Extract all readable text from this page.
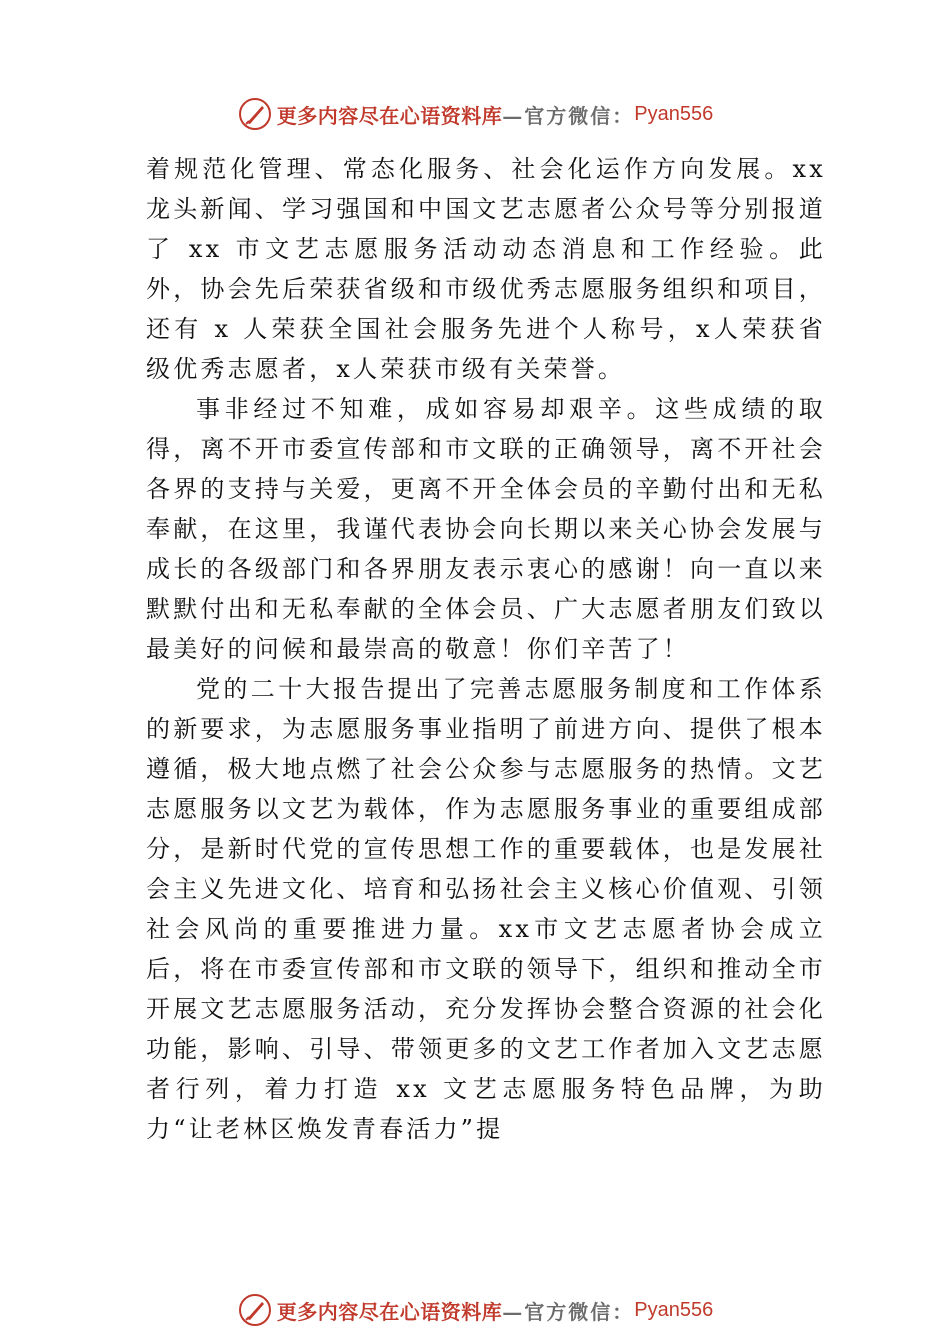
更多内容尽在心语资料库 —官方微信： Pyan556

着规范化管理、常态化服务、社会化运作方向发展。xx龙头新闻、学习强国和中国文艺志愿者公众号等分别报道了 xx 市文艺志愿服务活动动态消息和工作经验。此外，协会先后荣获省级和市级优秀志愿服务组织和项目，还有 x 人荣获全国社会服务先进个人称号，x人荣获省级优秀志愿者，x人荣获市级有关荣誉。

事非经过不知难，成如容易却艰辛。这些成绩的取得，离不开市委宣传部和市文联的正确领导，离不开社会各界的支持与关爱，更离不开全体会员的辛勤付出和无私奉献，在这里，我谨代表协会向长期以来关心协会发展与成长的各级部门和各界朋友表示衷心的感谢！向一直以来默默付出和无私奉献的全体会员、广大志愿者朋友们致以最美好的问候和最崇高的敬意！你们辛苦了！

党的二十大报告提出了完善志愿服务制度和工作体系的新要求，为志愿服务事业指明了前进方向、提供了根本遵循，极大地点燃了社会公众参与志愿服务的热情。文艺志愿服务以文艺为载体，作为志愿服务事业的重要组成部分，是新时代党的宣传思想工作的重要载体，也是发展社会主义先进文化、培育和弘扬社会主义核心价值观、引领社会风尚的重要推进力量。xx市文艺志愿者协会成立后，将在市委宣传部和市文联的领导下，组织和推动全市开展文艺志愿服务活动，充分发挥协会整合资源的社会化功能，影响、引导、带领更多的文艺工作者加入文艺志愿者行列，着力打造 xx 文艺志愿服务特色品牌，为助力“让老林区焕发青春活力”提

更多内容尽在心语资料库 —官方微信： Pyan556
